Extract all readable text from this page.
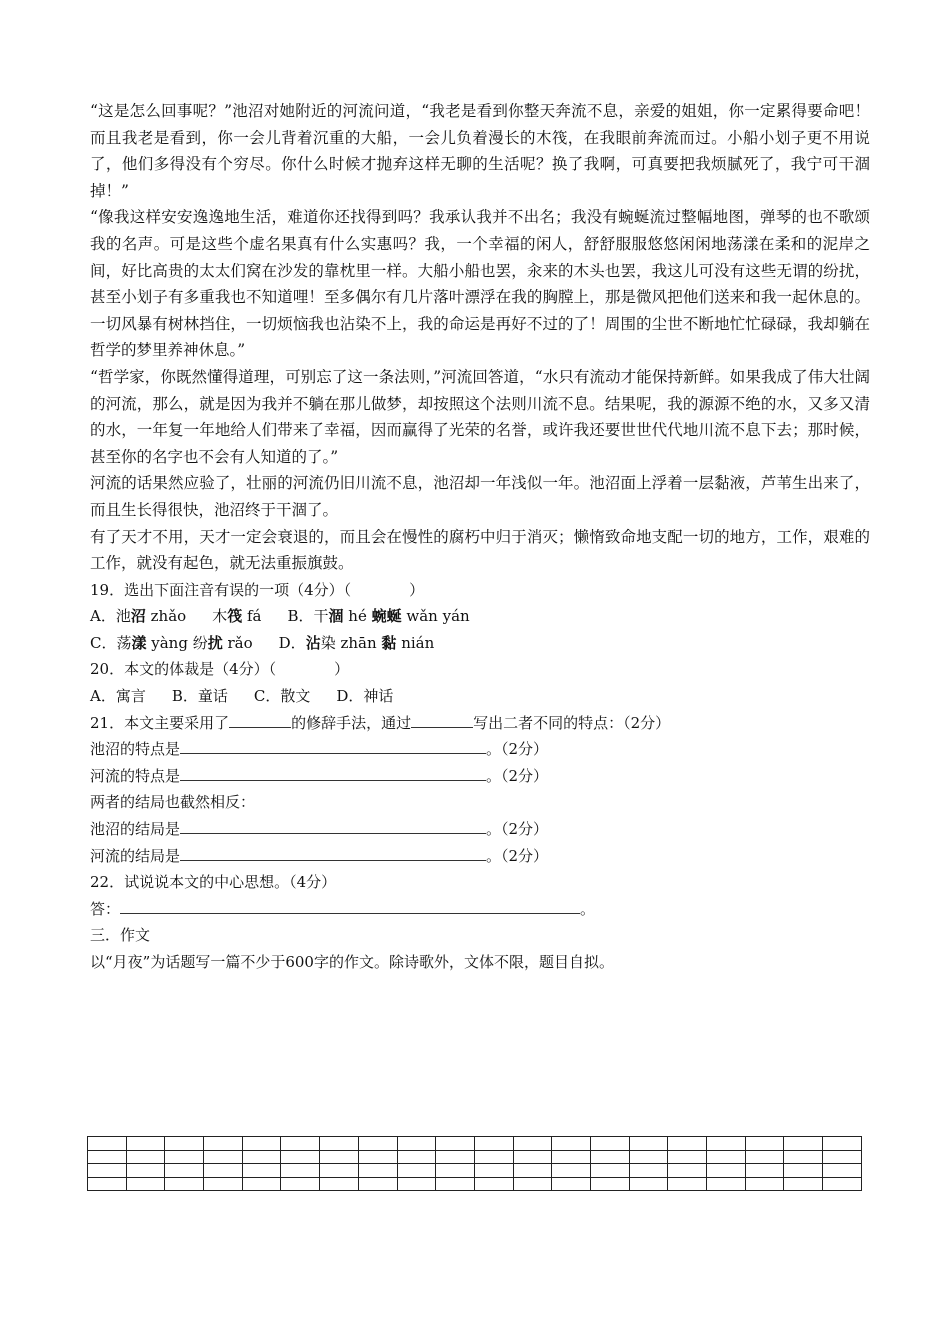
“这是怎么回事呢？”池沼对她附近的河流问道，“我老是看到你整天奔流不息，亲爱的姐姐，你一定累得要命吧！而且我老是看到，你一会儿背着沉重的大船，一会儿负着漫长的木筏，在我眼前奔流而过。小船小划子更不用说了，他们多得没有个穷尽。你什么时候才抛弃这样无聊的生活呢？换了我啊，可真要把我烦腻死了，我宁可干涸掉！”

“像我这样安安逸逸地生活，难道你还找得到吗？我承认我并不出名；我没有蜿蜒流过整幅地图，弹琴的也不歌颂我的名声。可是这些个虚名果真有什么实惠吗？我，一个幸福的闲人，舒舒服服悠悠闲闲地荡漾在柔和的泥岸之间，好比高贵的太太们窝在沙发的靠枕里一样。大船小船也罢，汆来的木头也罢，我这儿可没有这些无谓的纷扰，甚至小划子有多重我也不知道哩！至多偶尔有几片落叶漂浮在我的胸膛上，那是微风把他们送来和我一起休息的。一切风暴有树林挡住，一切烦恼我也沾染不上，我的命运是再好不过的了！周围的尘世不断地忙忙碌碌，我却躺在哲学的梦里养神休息。”

“哲学家，你既然懂得道理，可别忘了这一条法则，”河流回答道，“水只有流动才能保持新鲜。如果我成了伟大壮阔的河流，那么，就是因为我并不躺在那儿做梦，却按照这个法则川流不息。结果呢，我的源源不绝的水，又多又清的水，一年复一年地给人们带来了幸福，因而赢得了光荣的名誉，或许我还要世世代代地川流不息下去；那时候，甚至你的名字也不会有人知道的了。”

河流的话果然应验了，壮丽的河流仍旧川流不息，池沼却一年浅似一年。池沼面上浮着一层黏液，芦苇生出来了，而且生长得很快，池沼终于干涸了。

有了天才不用，天才一定会衰退的，而且会在慢性的腐朽中归于消灭；懒惰致命地支配一切的地方，工作，艰难的工作，就没有起色，就无法重振旗鼓。

19．选出下面注音有误的一项（4分）（	）

A．池沼 zhǎo 木筏 fá B．干涸 hé 蜿蜒 wǎn yán

C．荡漾 yàng 纷扰 rǎo D．沾染 zhān 黏 nián

20．本文的体裁是（4分）（	）

A．寓言 B．童话 C．散文 D．神话

21．本文主要采用了	的修辞手法，通过	写出二者不同的特点：（2分）

池沼的特点是	。（2分）

河流的特点是	。（2分）

两者的结局也截然相反：

池沼的结局是	。（2分）

河流的结局是	。（2分）

22．试说说本文的中心思想。（4分）

答：	。

三．作文

以“月夜”为话题写一篇不少于600字的作文。除诗歌外，文体不限，题目自拟。
